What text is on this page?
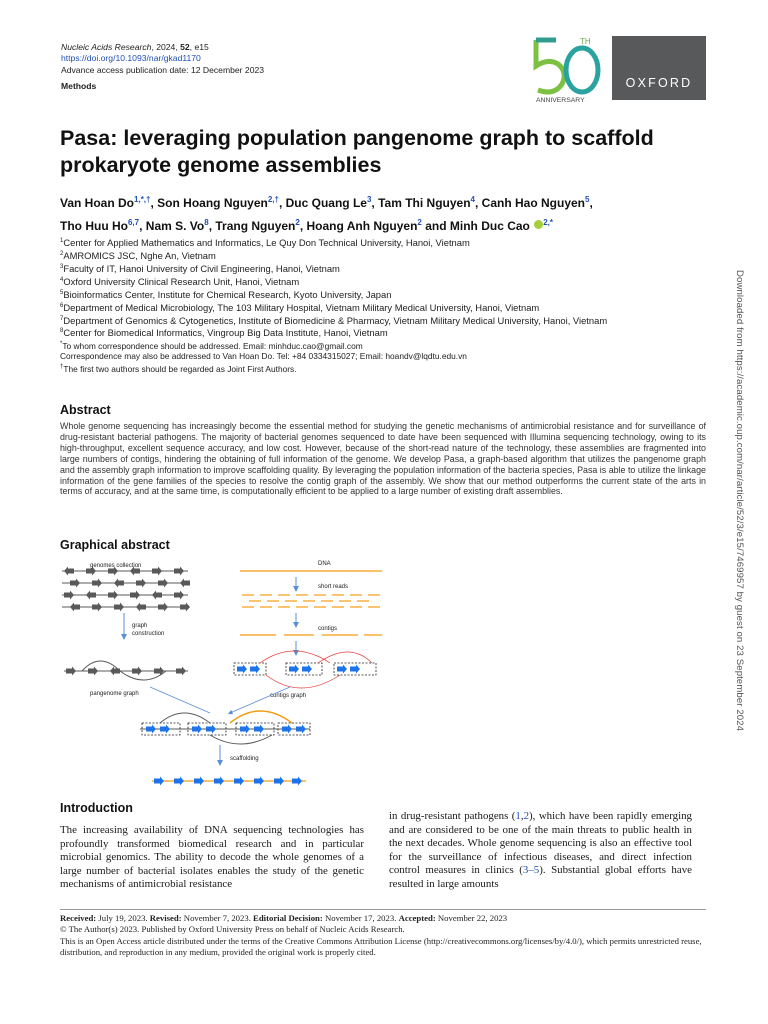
Nucleic Acids Research, 2024, 52, e15
https://doi.org/10.1093/nar/gkad1170
Advance access publication date: 12 December 2023
Methods
TH
ANNIVERSARY
OXFORD
Pasa: leveraging population pangenome graph to scaffold
prokaryote genome assemblies
Van Hoan $Do^{1,*,\dagger}$, Son Hoang Nguyen$^{2,\dagger}$, Duc Quang Le$^3$, Tam Thi Nguyen$^4$, Canh Hao Nguyen$^5$,
Tho Huu Ho$^{6,7}$, Nam S. Vo$^8$, Trang Nguyen$^2$, Hoang Anh Nguyen$^2$ and Minh Duc Cao $^{2,*}$
$^1$Center for Applied Mathematics and Informatics, Le Quy Don Technical University, Hanoi, Vietnam
$^2$AMROMICS JSC, Nghe An, Vietnam
$^3$Faculty of IT, Hanoi University of Civil Engineering, Hanoi, Vietnam
$^4$Oxford University Clinical Research Unit, Hanoi, Vietnam
$^5$Bioinformatics Center, Institute for Chemical Research, Kyoto University, Japan
$^6$Department of Medical Microbiology, The 103 Military Hospital, Vietnam Military Medical University, Hanoi, Vietnam
$^7$Department of Genomics & Cytogenetics, Institute of Biomedicine & Pharmacy, Vietnam Military Medical University, Hanoi, Vietnam
$^8$Center for Biomedical Informatics, Vingroup Big Data Institute, Hanoi, Vietnam
*To whom correspondence should be addressed. Email: minhduc.cao@gmail.com
Correspondence may also be addressed to Van Hoan Do. Tel: +84 0334315027; Email: hoandv@lqdtu.edu.vn
†The first two authors should be regarded as Joint First Authors.
Abstract
Whole genome sequencing has increasingly become the essential method for studying the genetic mechanisms of antimicrobial resistance and for surveillance of drug-resistant bacterial pathogens. The majority of bacterial genomes sequenced to date have been sequenced with Illumina sequencing technology, owing to its high-throughput, excellent sequence accuracy, and low cost. However, because of the short-read nature of the technology, these assemblies are fragmented into large numbers of contigs, hindering the obtaining of full information of the genome. We develop Pasa, a graph-based algorithm that utilizes the pangenome graph and the assembly graph information to improve scaffolding quality. By leveraging the population information of the bacteria species, Pasa is able to utilize the linkage information of the gene families of the species to resolve the contig graph of the assembly. We show that our method outperforms the current state of the arts in terms of accuracy, and at the same time, is computationally efficient to be applied to a large number of existing draft assemblies.
Graphical abstract
genomes collection	DNA
short reads
contigs
graph
construction
pangenome graph	contigs graph
scaffolding
Downloaded from https://academic.oup.com/nar/article/52/3/e15/7469957 by guest on 23 September 2024
Introduction
The increasing availability of DNA sequencing technologies has profoundly transformed biomedical research and in particular microbial genomics. The ability to decode the whole genomes of a large number of bacterial isolates enables the study of the genetic mechanisms of antimicrobial resistance
in drug-resistant pathogens (1,2), which have been rapidly emerging and are considered to be one of the main threats to public health in the next decades. Whole genome sequencing is also an effective tool for the surveillance of infectious diseases, and direct infection control measures in clinics (3–5). Substantial global efforts have resulted in large amounts
Received: July 19, 2023. Revised: November 7, 2023. Editorial Decision: November 17, 2023. Accepted: November 22, 2023
© The Author(s) 2023. Published by Oxford University Press on behalf of Nucleic Acids Research.
This is an Open Access article distributed under the terms of the Creative Commons Attribution License (http://creativecommons.org/licenses/by/4.0/), which permits unrestricted reuse, distribution, and reproduction in any medium, provided the original work is properly cited.
